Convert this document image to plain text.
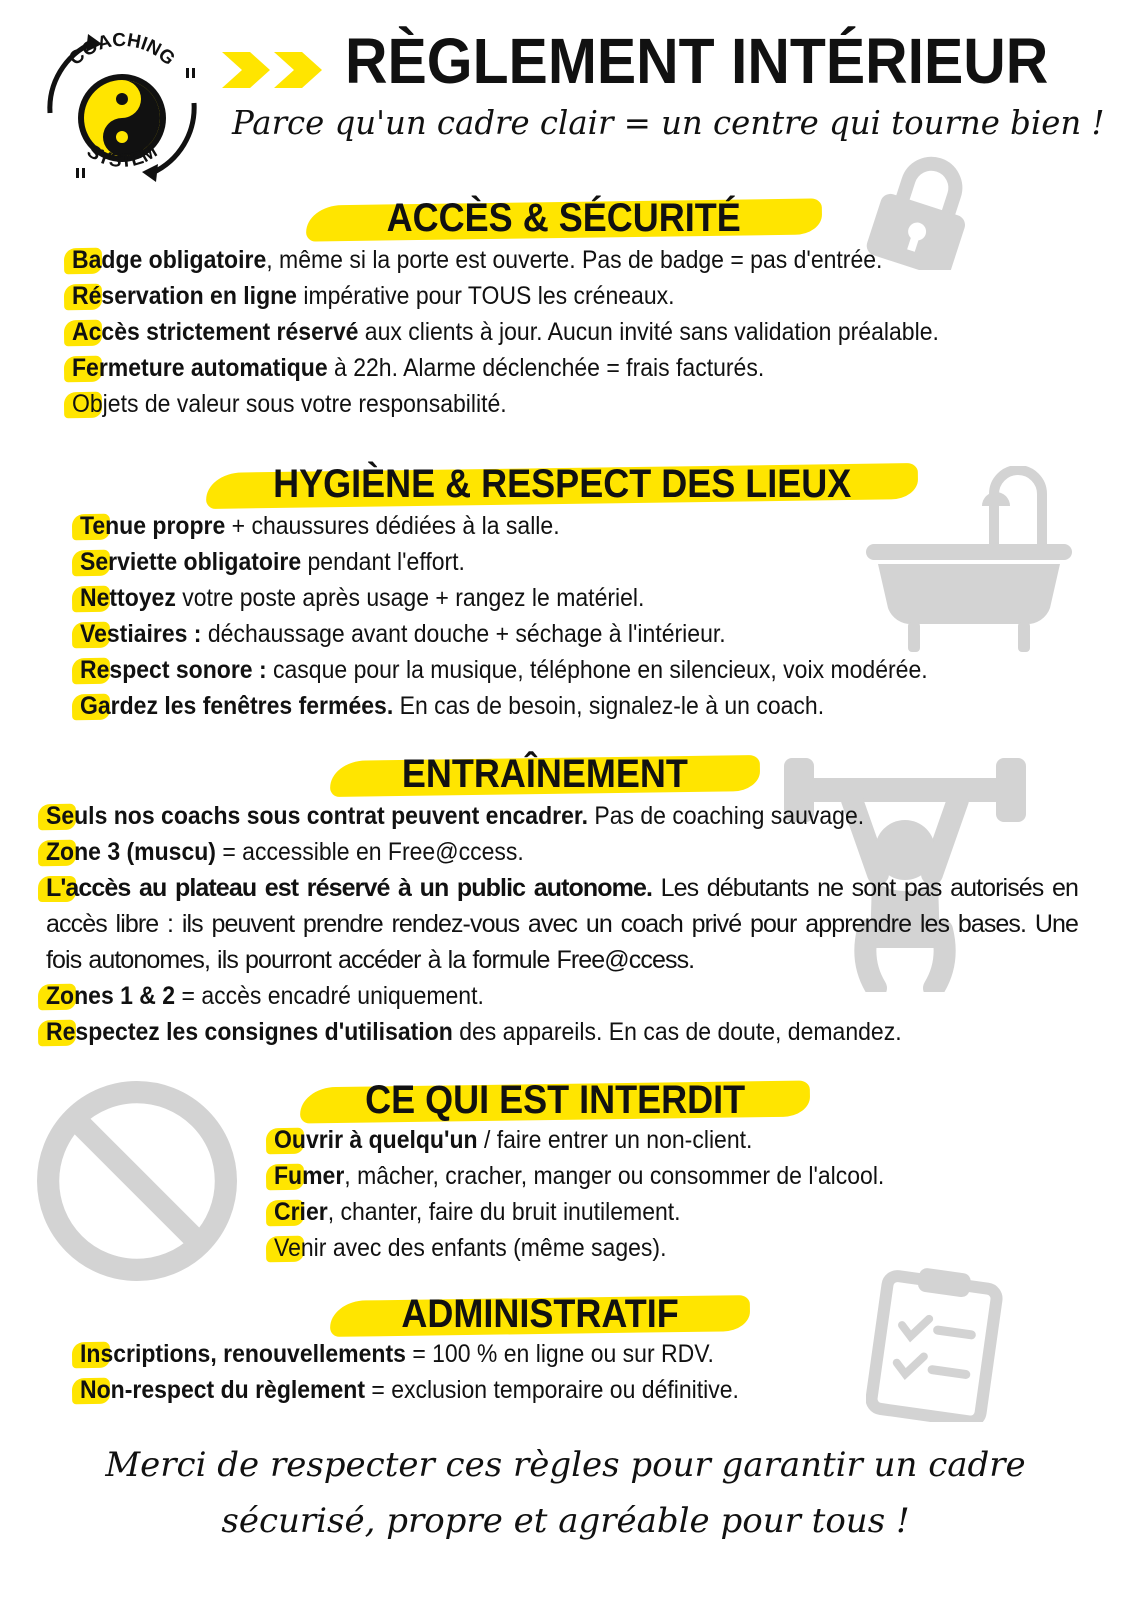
COACHING
SYSTEM
RÈGLEMENT INTÉRIEUR
Parce qu'un cadre clair = un centre qui tourne bien !
ACCÈS & SÉCURITÉ
Badge obligatoire, même si la porte est ouverte. Pas de badge = pas d'entrée.
Réservation en ligne impérative pour TOUS les créneaux.
Accès strictement réservé aux clients à jour. Aucun invité sans validation préalable.
Fermeture automatique à 22h. Alarme déclenchée = frais facturés.
Objets de valeur sous votre responsabilité.
HYGIÈNE & RESPECT DES LIEUX
Tenue propre + chaussures dédiées à la salle.
Serviette obligatoire pendant l'effort.
Nettoyez votre poste après usage + rangez le matériel.
Vestiaires : déchaussage avant douche + séchage à l'intérieur.
Respect sonore : casque pour la musique, téléphone en silencieux, voix modérée.
Gardez les fenêtres fermées. En cas de besoin, signalez-le à un coach.
ENTRAÎNEMENT
Seuls nos coachs sous contrat peuvent encadrer. Pas de coaching sauvage.
Zone 3 (muscu) = accessible en Free@ccess.
L'accès au plateau est réservé à un public autonome. Les débutants ne sont pas autorisés en accès libre : ils peuvent prendre rendez-vous avec un coach privé pour apprendre les bases. Une fois autonomes, ils pourront accéder à la formule Free@ccess.
Zones 1 & 2 = accès encadré uniquement.
Respectez les consignes d'utilisation des appareils. En cas de doute, demandez.
CE QUI EST INTERDIT
Ouvrir à quelqu'un / faire entrer un non-client.
Fumer, mâcher, cracher, manger ou consommer de l'alcool.
Crier, chanter, faire du bruit inutilement.
Venir avec des enfants (même sages).
ADMINISTRATIF
Inscriptions, renouvellements = 100 % en ligne ou sur RDV.
Non-respect du règlement = exclusion temporaire ou définitive.
Merci de respecter ces règles pour garantir un cadre
sécurisé, propre et agréable pour tous !
